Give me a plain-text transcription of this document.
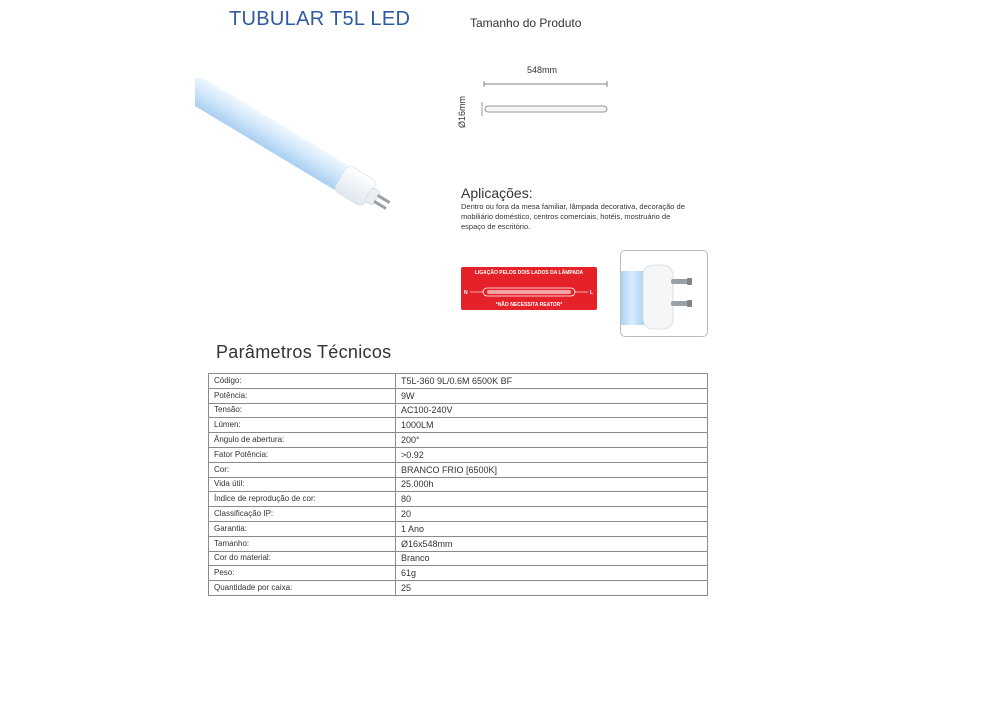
TUBULAR T5L LED	Tamanho do Produto
548mm
Ø16mm
Aplicações:
Dentro ou fora da mesa familiar, lâmpada decorativa, decoração de mobiliário doméstico, centros comerciais, hotéis, mostruário de espaço de escritório.
LIGAÇÃO PELOS DOIS LADOS DA LÂMPADA
N	L
*NÃO NECESSITA REATOR*
Parâmetros Técnicos
Código:	T5L-360 9L/0.6M 6500K BF
Potência:	9W
Tensão:	AC100-240V
Lúmen:	1000LM
Ângulo de abertura:	200°
Fator Potência:	>0.92
Cor:	BRANCO FRIO [6500K]
Vida útil:	25.000h
Índice de reprodução de cor:	80
Classificação IP:	20
Garantia:	1 Ano
Tamanho:	Ø16x548mm
Cor do material:	Branco
Peso:	61g
Quantidade por caixa:	25
